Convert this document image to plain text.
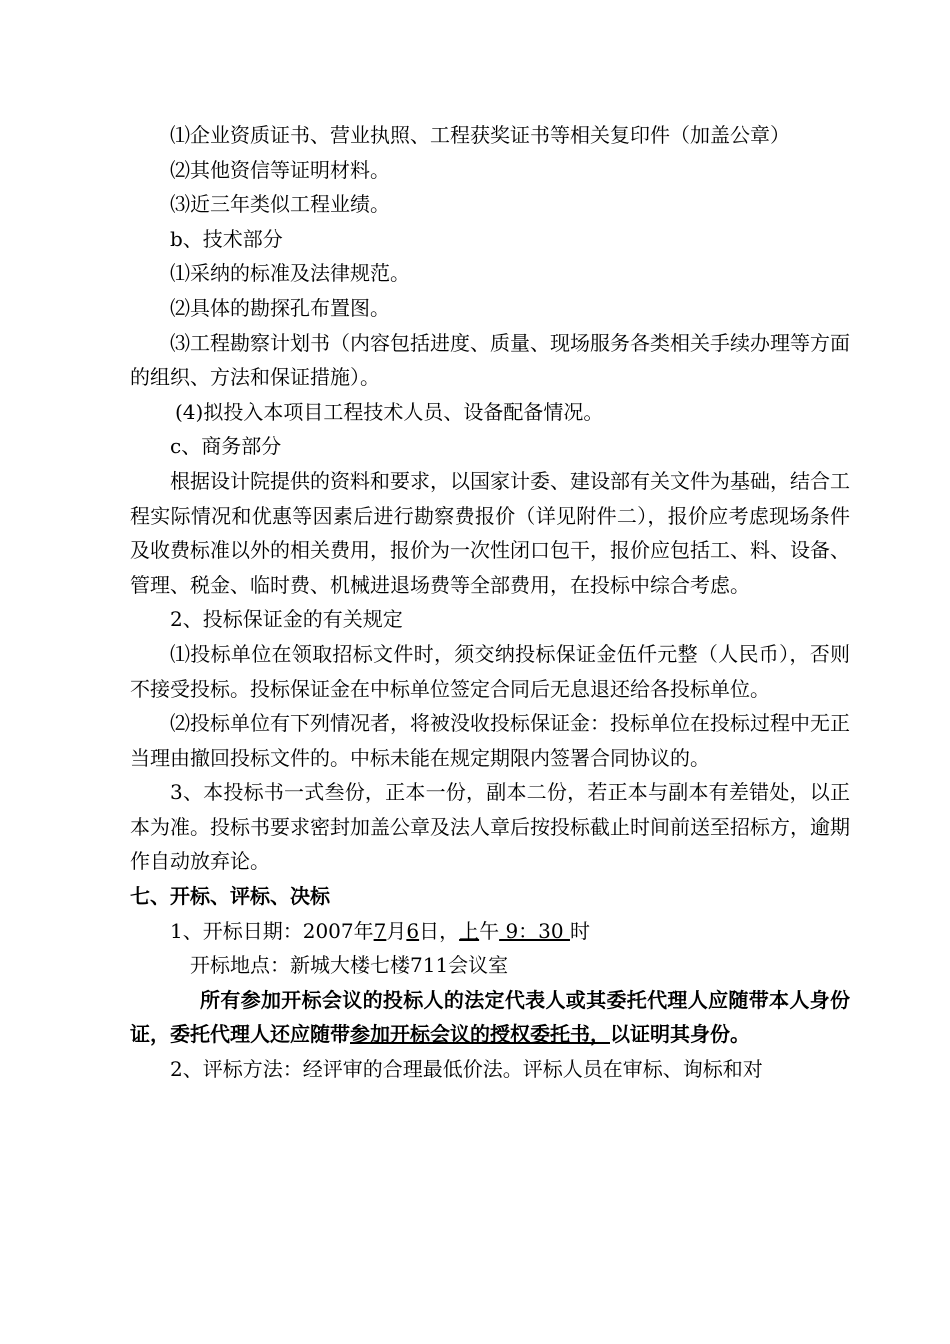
⑴企业资质证书、营业执照、工程获奖证书等相关复印件（加盖公章）

⑵其他资信等证明材料。

⑶近三年类似工程业绩。

b、技术部分

⑴采纳的标准及法律规范。

⑵具体的勘探孔布置图。

⑶工程勘察计划书（内容包括进度、质量、现场服务各类相关手续办理等方面的组织、方法和保证措施）。

(4)拟投入本项目工程技术人员、设备配备情况。

c、商务部分

根据设计院提供的资料和要求，以国家计委、建设部有关文件为基础，结合工程实际情况和优惠等因素后进行勘察费报价（详见附件二），报价应考虑现场条件及收费标准以外的相关费用，报价为一次性闭口包干，报价应包括工、料、设备、管理、税金、临时费、机械进退场费等全部费用，在投标中综合考虑。

2、投标保证金的有关规定

⑴投标单位在领取招标文件时，须交纳投标保证金伍仟元整（人民币），否则不接受投标。投标保证金在中标单位签定合同后无息退还给各投标单位。

⑵投标单位有下列情况者，将被没收投标保证金：投标单位在投标过程中无正当理由撤回投标文件的。中标未能在规定期限内签署合同协议的。

3、本投标书一式叁份，正本一份，副本二份，若正本与副本有差错处，以正本为准。投标书要求密封加盖公章及法人章后按投标截止时间前送至招标方，逾期作自动放弃论。

七、开标、评标、决标

1、开标日期：2007年7月6日，上午 9：30 时

开标地点：新城大楼七楼711会议室

所有参加开标会议的投标人的法定代表人或其委托代理人应随带本人身份证，委托代理人还应随带参加开标会议的授权委托书，以证明其身份。

2、评标方法：经评审的合理最低价法。评标人员在审标、询标和对
